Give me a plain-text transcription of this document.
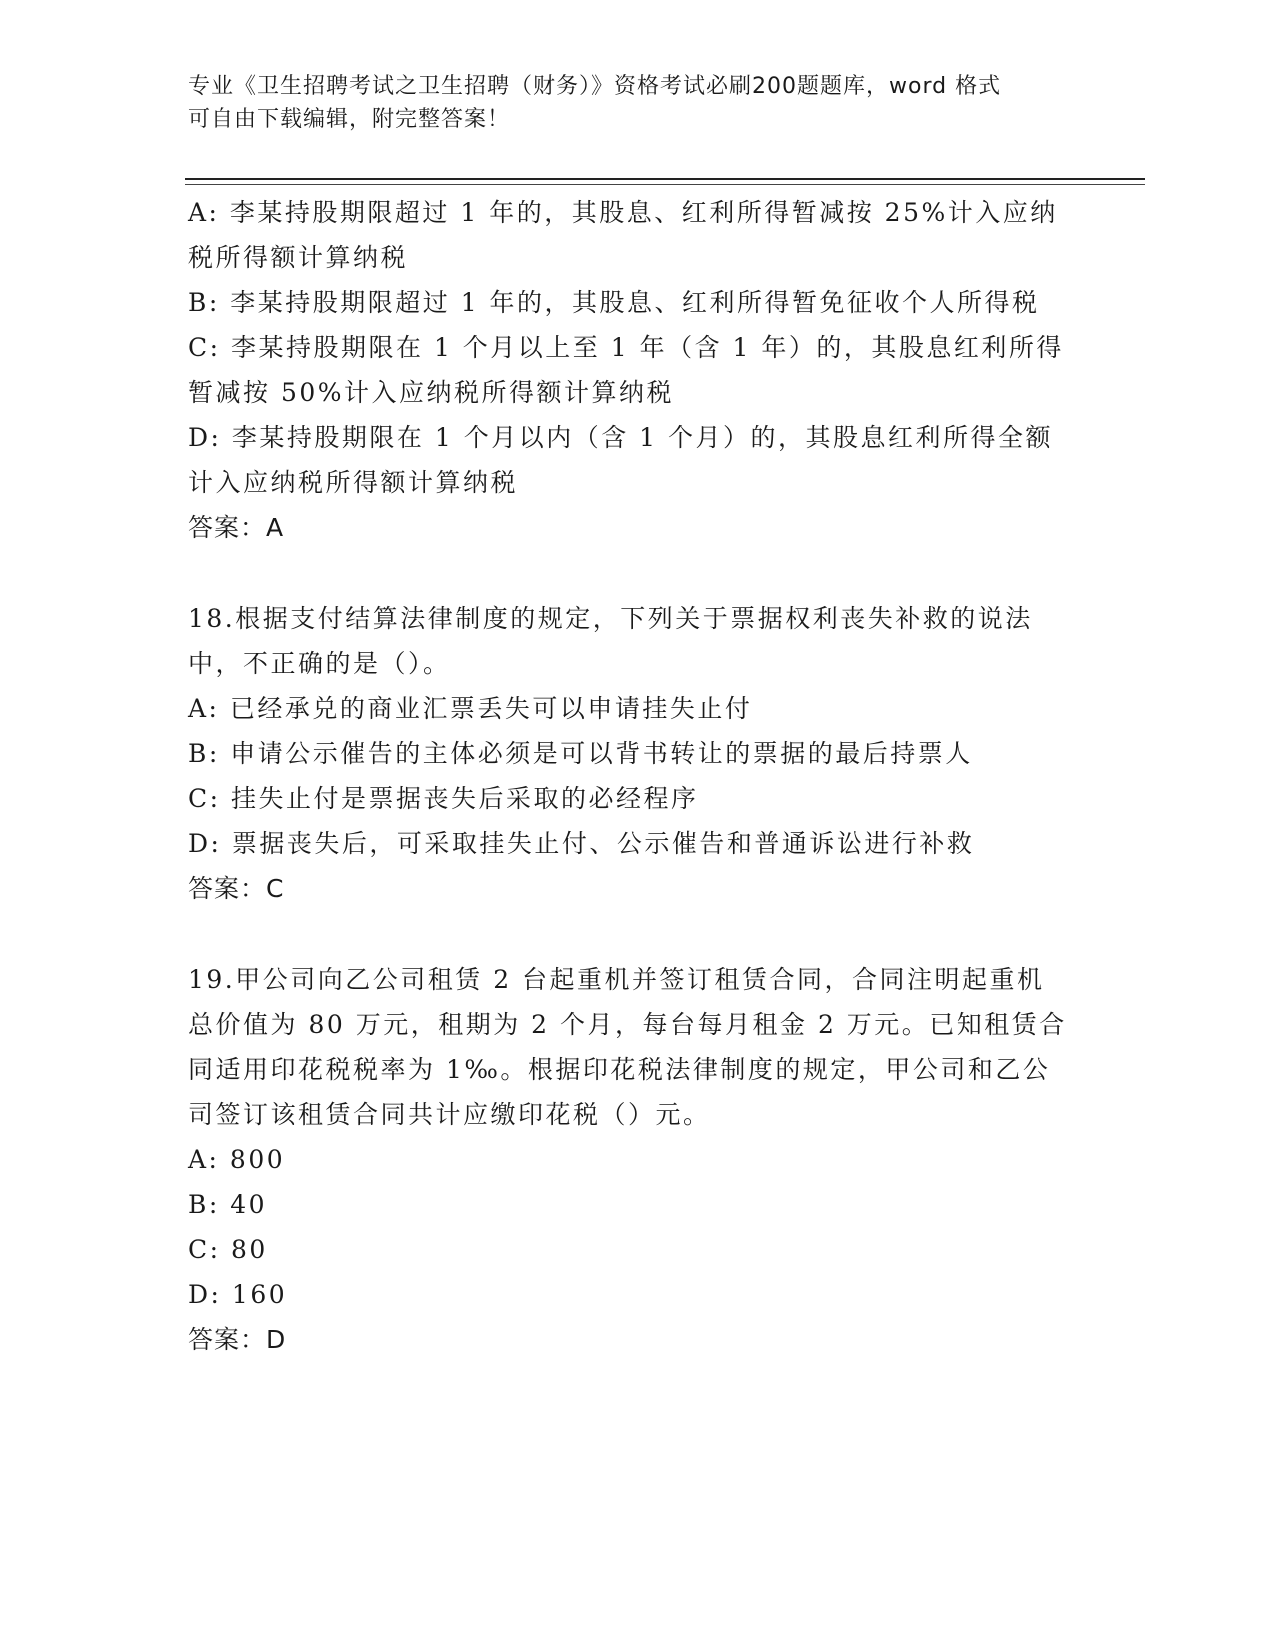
专业《卫生招聘考试之卫生招聘（财务）》资格考试必刷200题题库，word 格式
可自由下载编辑，附完整答案！
A: 李某持股期限超过 1 年的，其股息、红利所得暂减按 25%计入应纳
税所得额计算纳税
B: 李某持股期限超过 1 年的，其股息、红利所得暂免征收个人所得税
C: 李某持股期限在 1 个月以上至 1 年（含 1 年）的，其股息红利所得
暂减按 50%计入应纳税所得额计算纳税
D: 李某持股期限在 1 个月以内（含 1 个月）的，其股息红利所得全额
计入应纳税所得额计算纳税
答案：A
18.根据支付结算法律制度的规定，下列关于票据权利丧失补救的说法
中，不正确的是（）。
A: 已经承兑的商业汇票丢失可以申请挂失止付
B: 申请公示催告的主体必须是可以背书转让的票据的最后持票人
C: 挂失止付是票据丧失后采取的必经程序
D: 票据丧失后，可采取挂失止付、公示催告和普通诉讼进行补救
答案：C
19.甲公司向乙公司租赁 2 台起重机并签订租赁合同，合同注明起重机
总价值为 80 万元，租期为 2 个月，每台每月租金 2 万元。已知租赁合
同适用印花税税率为 1‰。根据印花税法律制度的规定，甲公司和乙公
司签订该租赁合同共计应缴印花税（）元。
A: 800
B: 40
C: 80
D: 160
答案：D
